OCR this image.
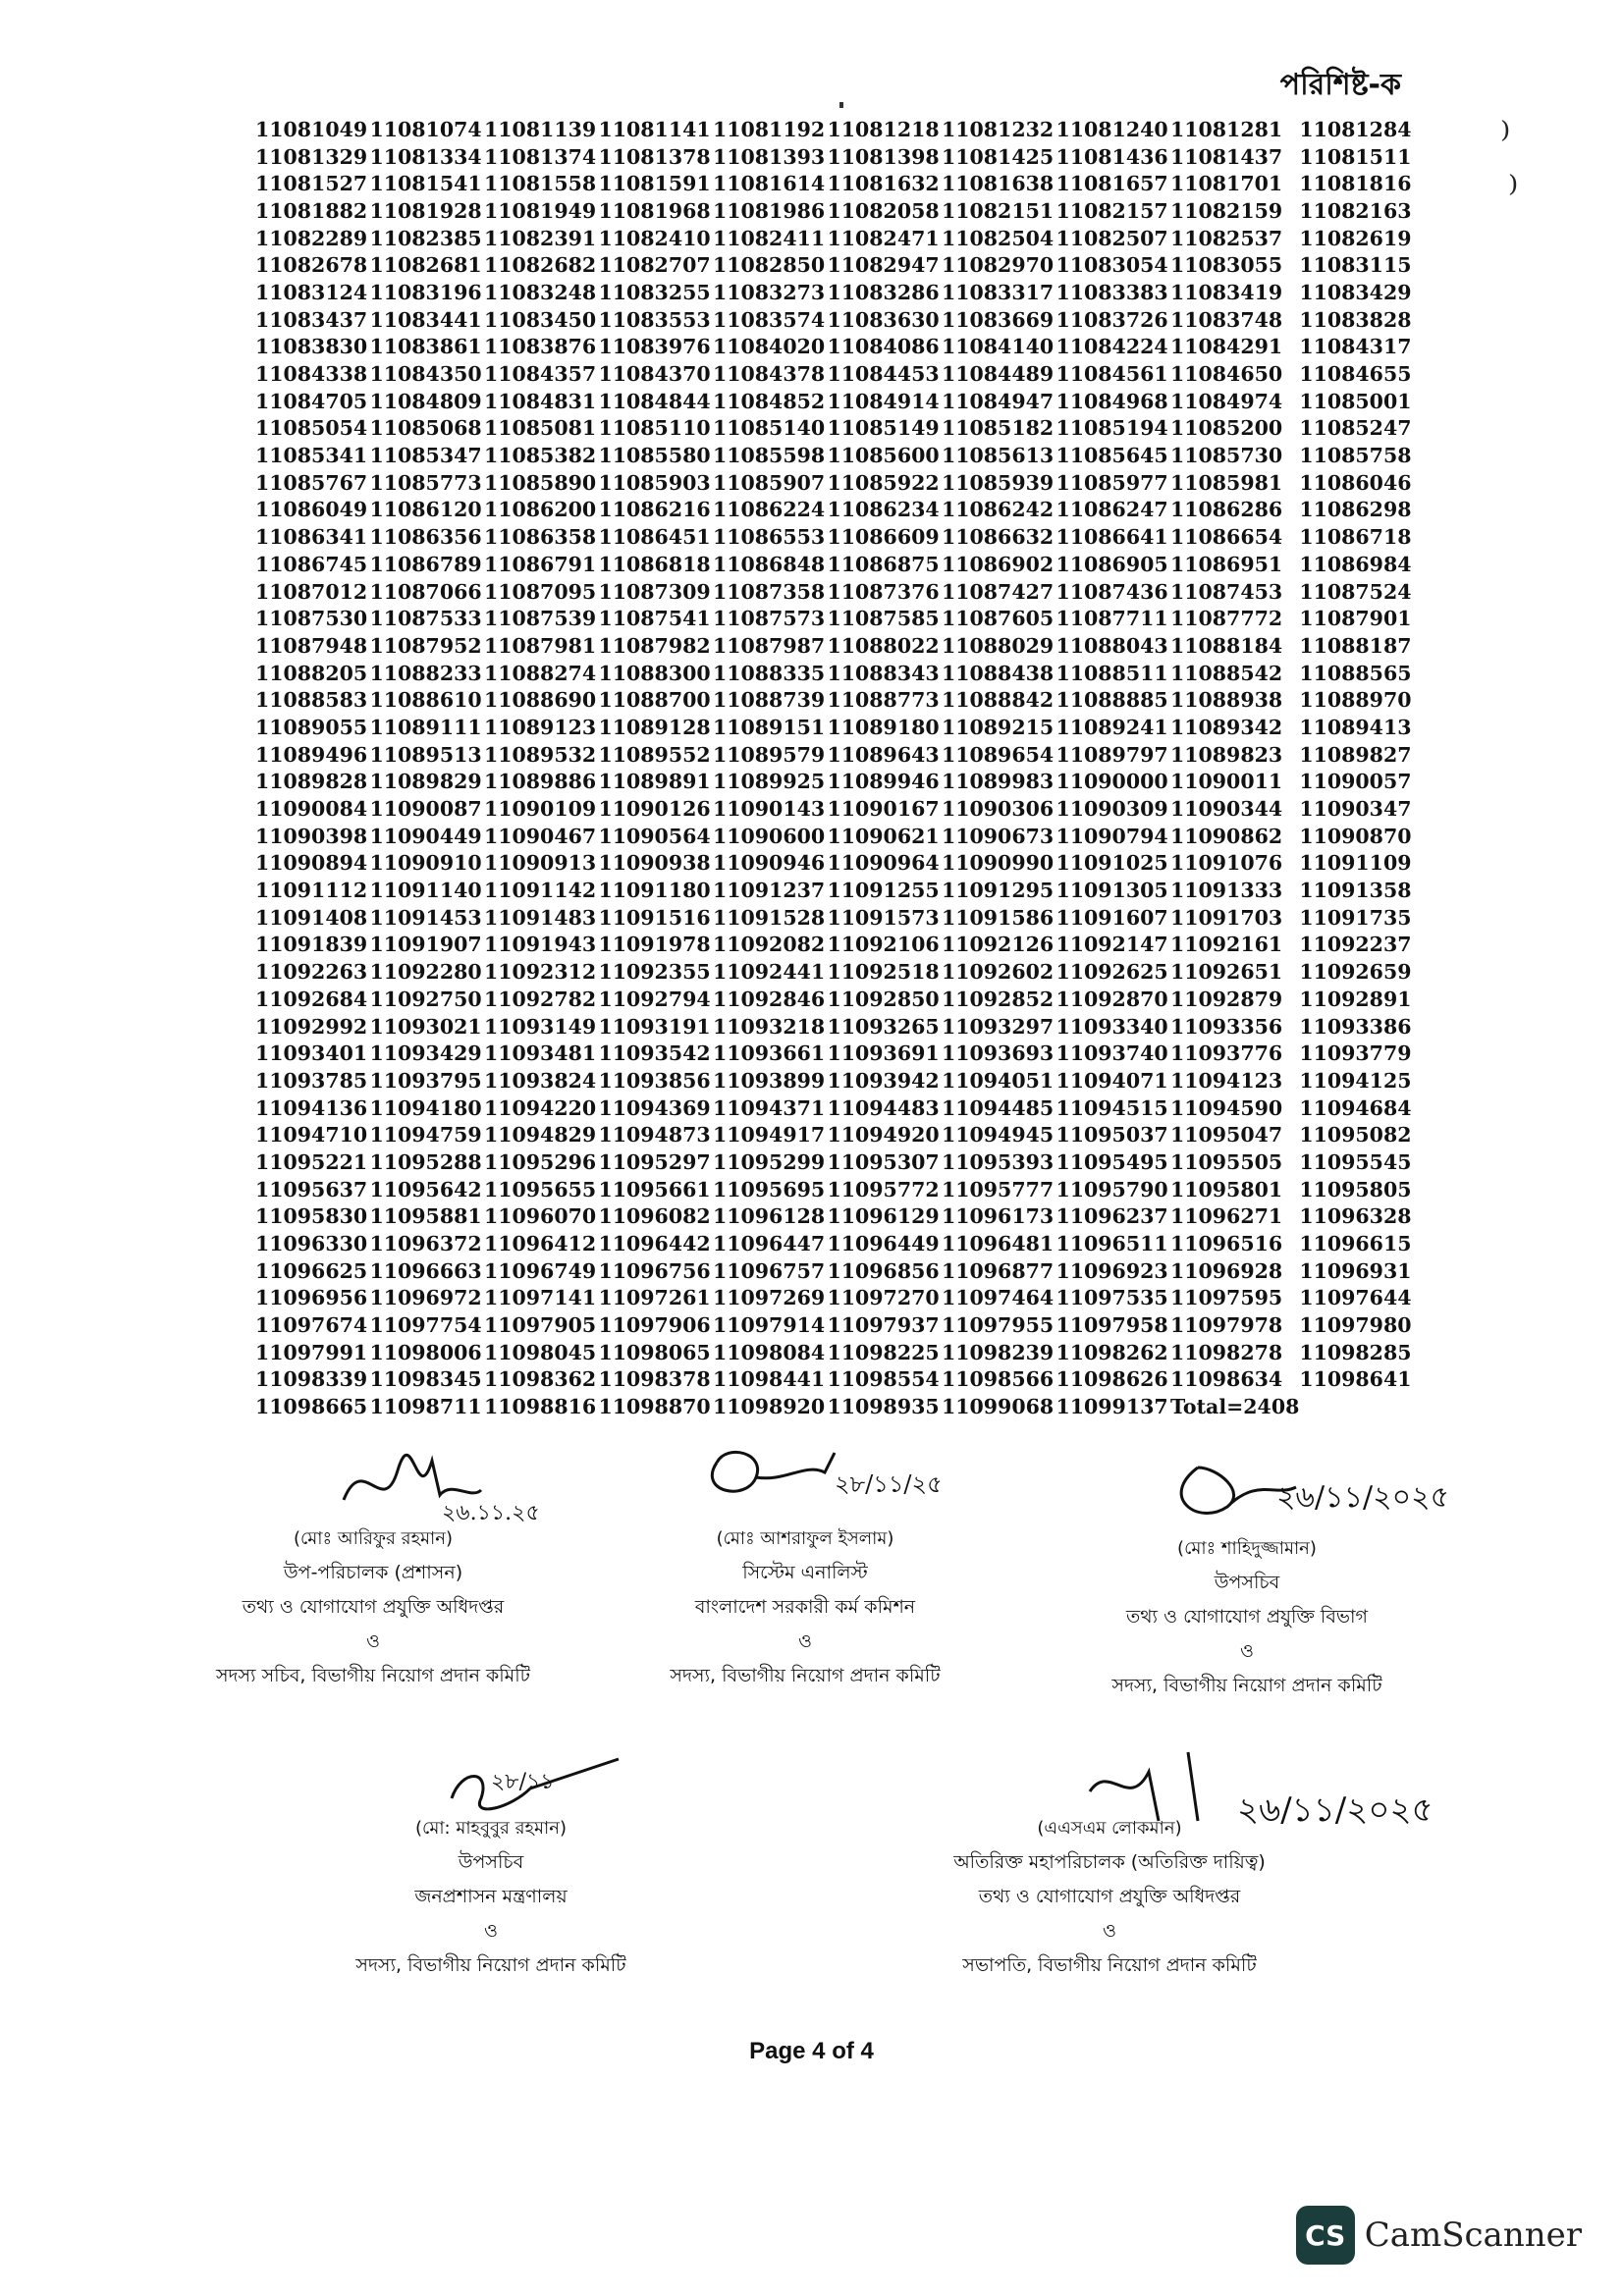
পরিশিষ্ট-ক
⁾
⁾
11081049	11081074	11081139	11081141	11081192	11081218	11081232	11081240	11081281	11081284
11081329	11081334	11081374	11081378	11081393	11081398	11081425	11081436	11081437	11081511
11081527	11081541	11081558	11081591	11081614	11081632	11081638	11081657	11081701	11081816
11081882	11081928	11081949	11081968	11081986	11082058	11082151	11082157	11082159	11082163
11082289	11082385	11082391	11082410	11082411	11082471	11082504	11082507	11082537	11082619
11082678	11082681	11082682	11082707	11082850	11082947	11082970	11083054	11083055	11083115
11083124	11083196	11083248	11083255	11083273	11083286	11083317	11083383	11083419	11083429
11083437	11083441	11083450	11083553	11083574	11083630	11083669	11083726	11083748	11083828
11083830	11083861	11083876	11083976	11084020	11084086	11084140	11084224	11084291	11084317
11084338	11084350	11084357	11084370	11084378	11084453	11084489	11084561	11084650	11084655
11084705	11084809	11084831	11084844	11084852	11084914	11084947	11084968	11084974	11085001
11085054	11085068	11085081	11085110	11085140	11085149	11085182	11085194	11085200	11085247
11085341	11085347	11085382	11085580	11085598	11085600	11085613	11085645	11085730	11085758
11085767	11085773	11085890	11085903	11085907	11085922	11085939	11085977	11085981	11086046
11086049	11086120	11086200	11086216	11086224	11086234	11086242	11086247	11086286	11086298
11086341	11086356	11086358	11086451	11086553	11086609	11086632	11086641	11086654	11086718
11086745	11086789	11086791	11086818	11086848	11086875	11086902	11086905	11086951	11086984
11087012	11087066	11087095	11087309	11087358	11087376	11087427	11087436	11087453	11087524
11087530	11087533	11087539	11087541	11087573	11087585	11087605	11087711	11087772	11087901
11087948	11087952	11087981	11087982	11087987	11088022	11088029	11088043	11088184	11088187
11088205	11088233	11088274	11088300	11088335	11088343	11088438	11088511	11088542	11088565
11088583	11088610	11088690	11088700	11088739	11088773	11088842	11088885	11088938	11088970
11089055	11089111	11089123	11089128	11089151	11089180	11089215	11089241	11089342	11089413
11089496	11089513	11089532	11089552	11089579	11089643	11089654	11089797	11089823	11089827
11089828	11089829	11089886	11089891	11089925	11089946	11089983	11090000	11090011	11090057
11090084	11090087	11090109	11090126	11090143	11090167	11090306	11090309	11090344	11090347
11090398	11090449	11090467	11090564	11090600	11090621	11090673	11090794	11090862	11090870
11090894	11090910	11090913	11090938	11090946	11090964	11090990	11091025	11091076	11091109
11091112	11091140	11091142	11091180	11091237	11091255	11091295	11091305	11091333	11091358
11091408	11091453	11091483	11091516	11091528	11091573	11091586	11091607	11091703	11091735
11091839	11091907	11091943	11091978	11092082	11092106	11092126	11092147	11092161	11092237
11092263	11092280	11092312	11092355	11092441	11092518	11092602	11092625	11092651	11092659
11092684	11092750	11092782	11092794	11092846	11092850	11092852	11092870	11092879	11092891
11092992	11093021	11093149	11093191	11093218	11093265	11093297	11093340	11093356	11093386
11093401	11093429	11093481	11093542	11093661	11093691	11093693	11093740	11093776	11093779
11093785	11093795	11093824	11093856	11093899	11093942	11094051	11094071	11094123	11094125
11094136	11094180	11094220	11094369	11094371	11094483	11094485	11094515	11094590	11094684
11094710	11094759	11094829	11094873	11094917	11094920	11094945	11095037	11095047	11095082
11095221	11095288	11095296	11095297	11095299	11095307	11095393	11095495	11095505	11095545
11095637	11095642	11095655	11095661	11095695	11095772	11095777	11095790	11095801	11095805
11095830	11095881	11096070	11096082	11096128	11096129	11096173	11096237	11096271	11096328
11096330	11096372	11096412	11096442	11096447	11096449	11096481	11096511	11096516	11096615
11096625	11096663	11096749	11096756	11096757	11096856	11096877	11096923	11096928	11096931
11096956	11096972	11097141	11097261	11097269	11097270	11097464	11097535	11097595	11097644
11097674	11097754	11097905	11097906	11097914	11097937	11097955	11097958	11097978	11097980
11097991	11098006	11098045	11098065	11098084	11098225	11098239	11098262	11098278	11098285
11098339	11098345	11098362	11098378	11098441	11098554	11098566	11098626	11098634	11098641
11098665	11098711	11098816	11098870	11098920	11098935	11099068	11099137	Total=2408	
২৬.১১.২৫
২৮/১১/২৫	২৬/১১/২০২৫
২৮/১১
২৬/১১/২০২৫
(মোঃ আরিফুর রহমান)
উপ-পরিচালক (প্রশাসন)
তথ্য ও যোগাযোগ প্রযুক্তি অধিদপ্তর
ও
সদস্য সচিব, বিভাগীয় নিয়োগ প্রদান কমিটি
(মোঃ আশরাফুল ইসলাম)
সিস্টেম এনালিস্ট
বাংলাদেশ সরকারী কর্ম কমিশন
ও
সদস্য, বিভাগীয় নিয়োগ প্রদান কমিটি
(মোঃ শাহিদুজ্জামান)
উপসচিব
তথ্য ও যোগাযোগ প্রযুক্তি বিভাগ
ও
সদস্য, বিভাগীয় নিয়োগ প্রদান কমিটি
(মো: মাহবুবুর রহমান)
উপসচিব
জনপ্রশাসন মন্ত্রণালয়
ও
সদস্য, বিভাগীয় নিয়োগ প্রদান কমিটি
(এএসএম লোকমান)
অতিরিক্ত মহাপরিচালক (অতিরিক্ত দায়িত্ব)
তথ্য ও যোগাযোগ প্রযুক্তি অধিদপ্তর
ও
সভাপতি, বিভাগীয় নিয়োগ প্রদান কমিটি
Page 4 of 4
CS CamScanner
